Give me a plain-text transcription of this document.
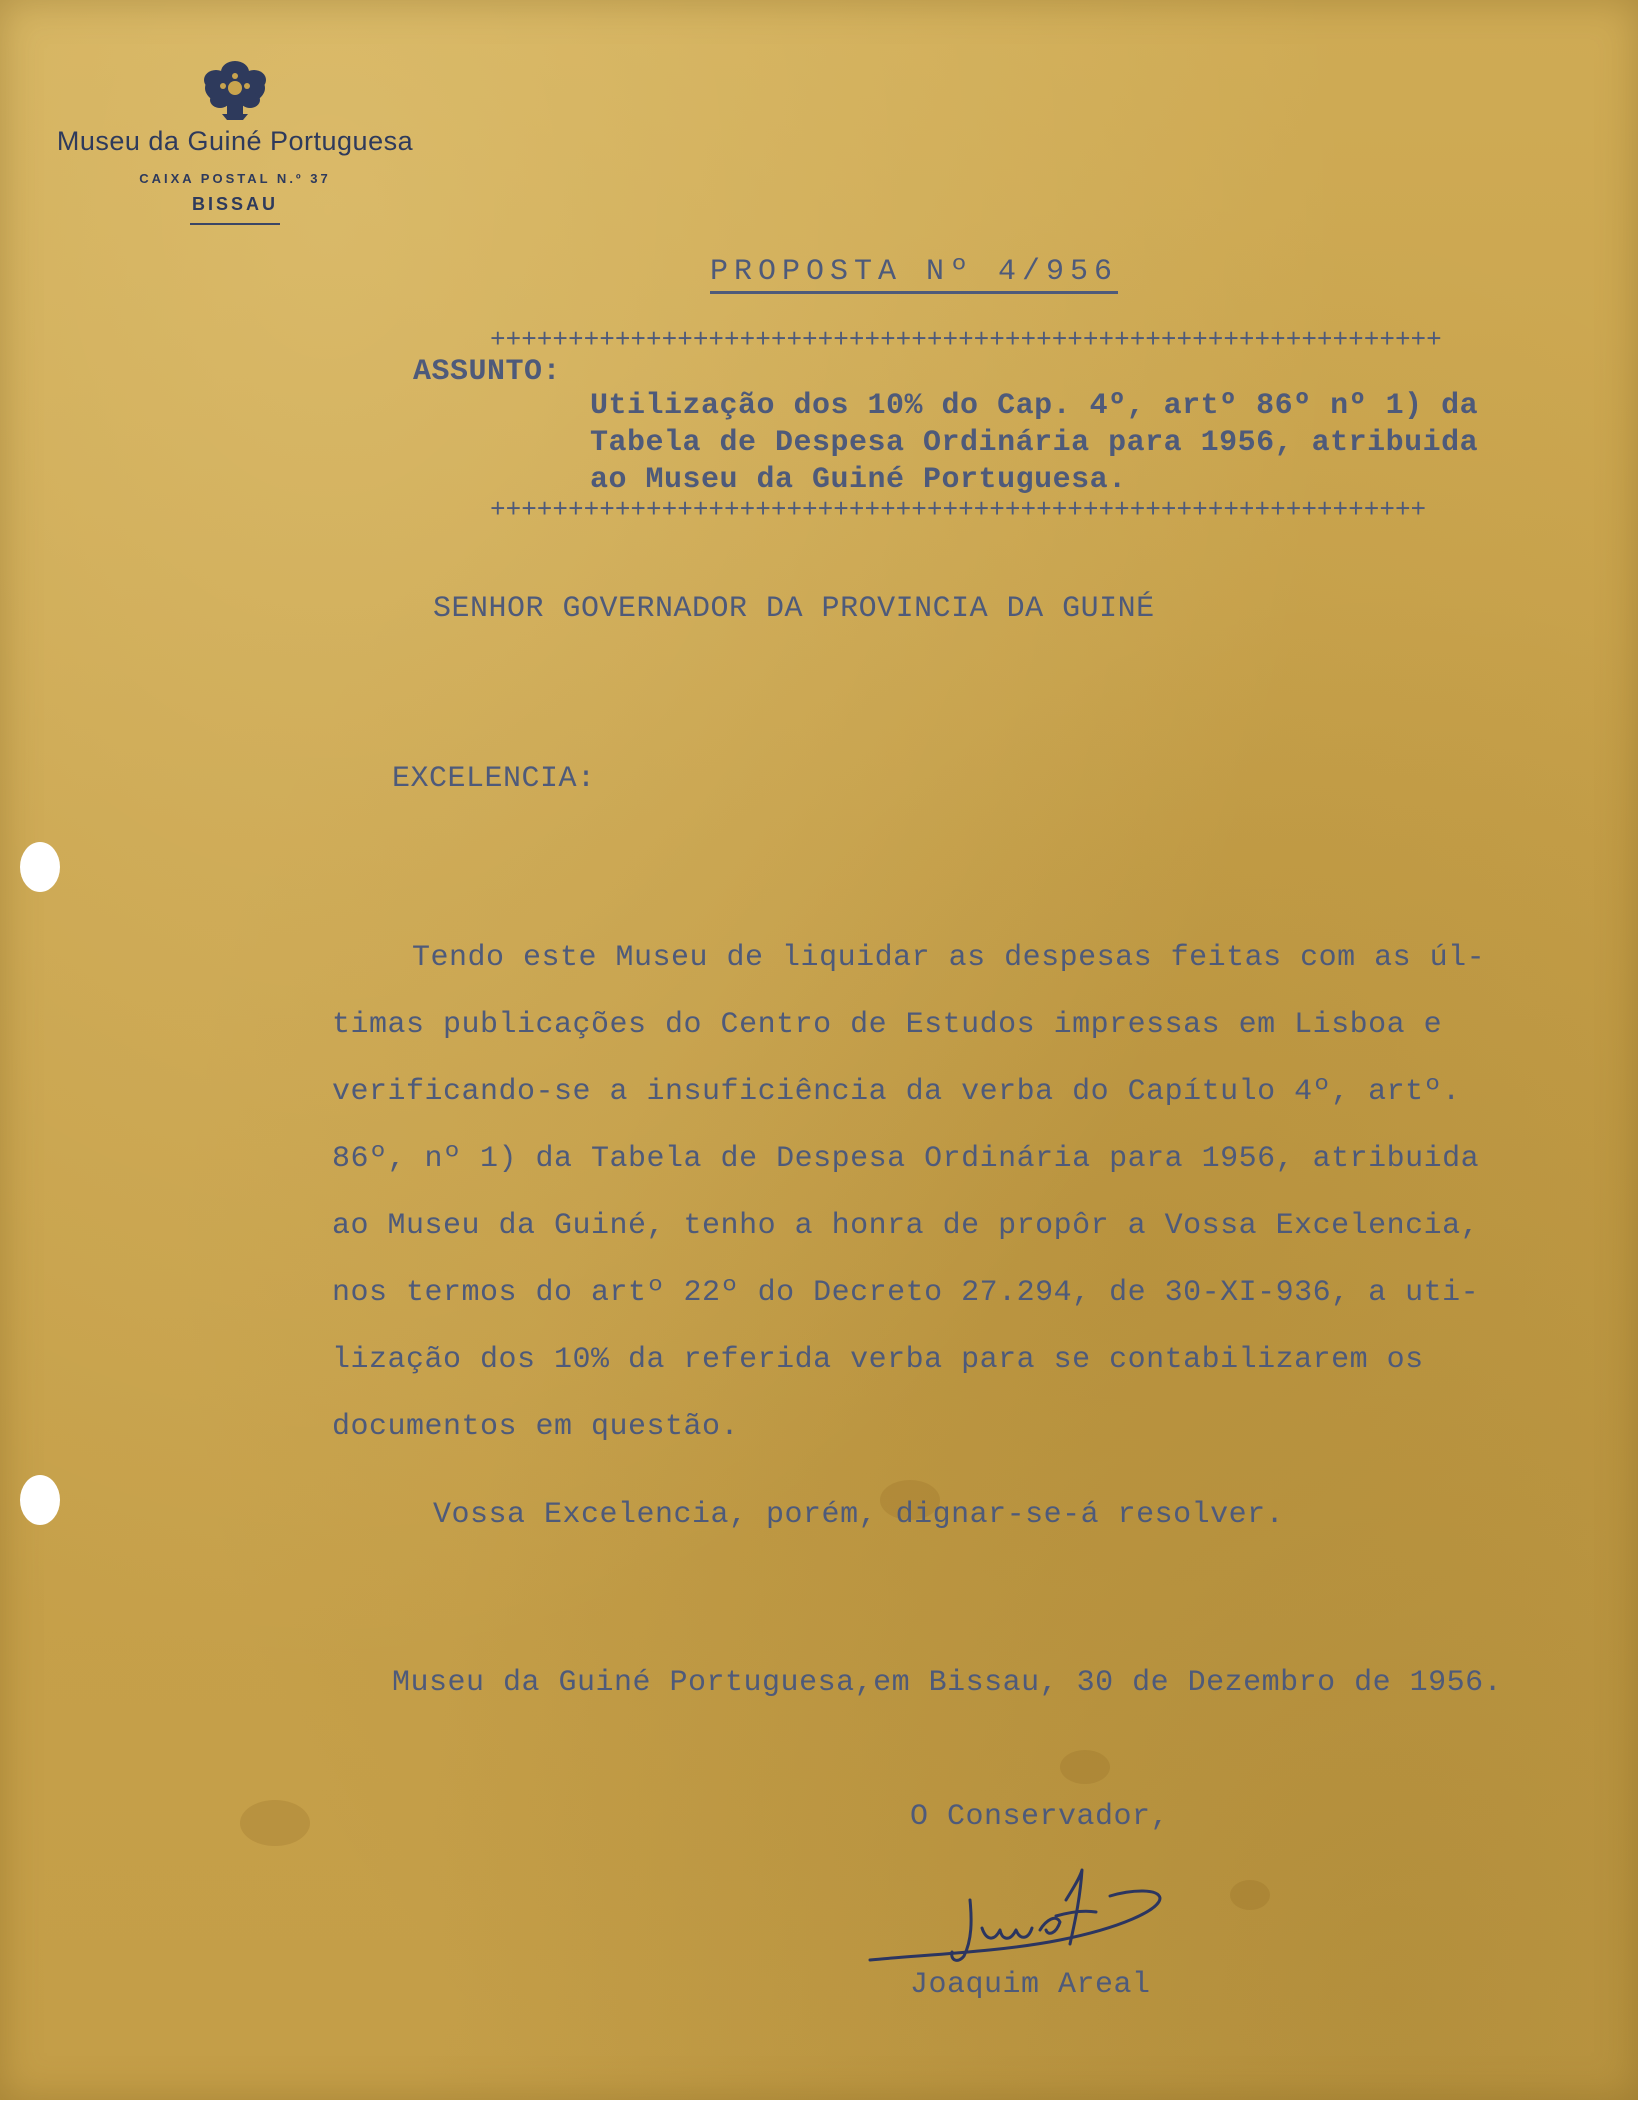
Museu da Guiné Portuguesa
CAIXA POSTAL N.º 37
BISSAU
PROPOSTA Nº 4/956
+++++++++++++++++++++++++++++++++++++++++++++++++++++++++++++
ASSUNTO:
Utilização dos 10% do Cap. 4º, artº 86º nº 1) da
Tabela de Despesa Ordinária para 1956, atribuida
ao Museu da Guiné Portuguesa.
++++++++++++++++++++++++++++++++++++++++++++++++++++++++++++
SENHOR GOVERNADOR DA PROVINCIA DA GUINÉ
EXCELENCIA:
Tendo este Museu de liquidar as despesas feitas com as úl-
timas publicações do Centro de Estudos impressas em Lisboa e
verificando-se a insuficiência da verba do Capítulo 4º, artº.
86º, nº 1) da Tabela de Despesa Ordinária para 1956, atribuida
ao Museu da Guiné, tenho a honra de propôr a Vossa Excelencia,
nos termos do artº 22º do Decreto 27.294, de 30-XI-936, a uti-
lização dos 10% da referida verba para se contabilizarem os
documentos em questão.
Vossa Excelencia, porém, dignar-se-á resolver.
Museu da Guiné Portuguesa,em Bissau, 30 de Dezembro de 1956.
O Conservador,
Joaquim Areal
